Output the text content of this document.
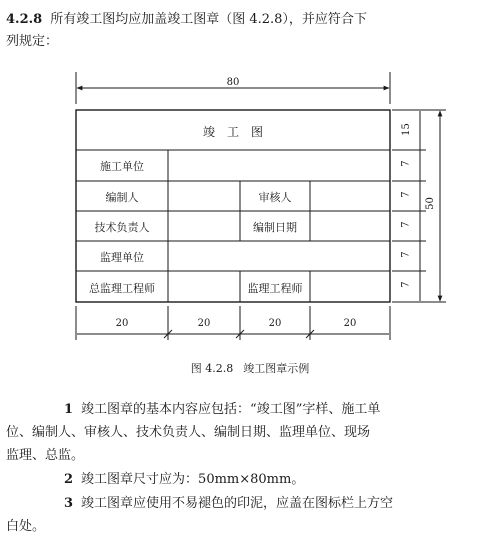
4.2.8 所有竣工图均应加盖竣工图章（图 4.2.8），并应符合下
列规定：
80
15
7
7
7
7
7
50
20	20	20	20
竣　工　图
施工单位
编制人	审核人
技术负责人	编制日期
监理单位
总监理工程师	监理工程师
图 4.2.8 竣工图章示例
1 竣工图章的基本内容应包括：“竣工图”字样、施工单
位、编制人、审核人、技术负责人、编制日期、监理单位、现场
监理、总监。
2 竣工图章尺寸应为：50mm×80mm。
3 竣工图章应使用不易褪色的印泥，应盖在图标栏上方空
白处。
